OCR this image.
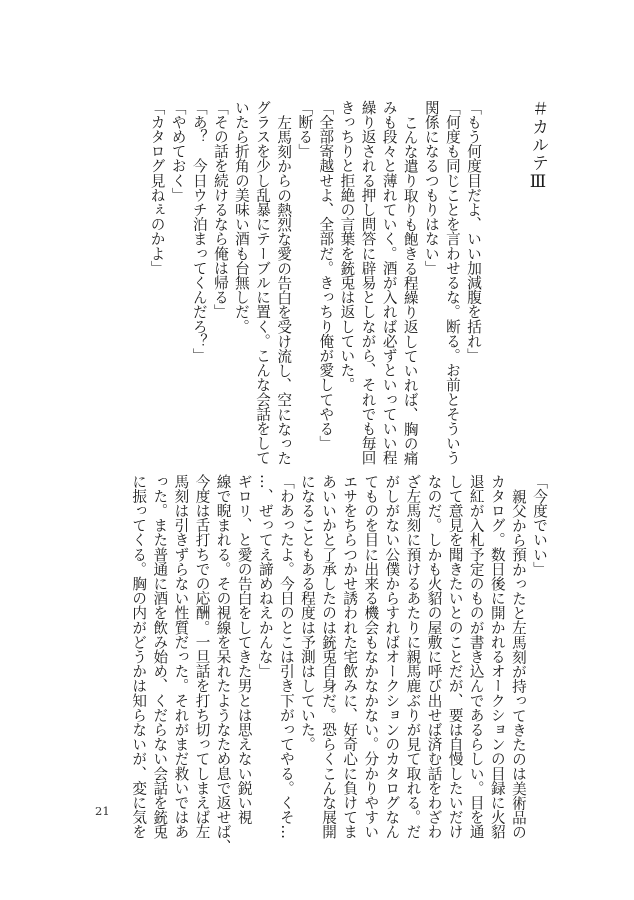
＃カルテⅢ
「もう何度目だよ、いい加減腹を括れ」
「何度も同じことを言わせるな。断る。お前とそういう
関係になるつもりはない」
こんな遣り取りも飽きる程繰り返していれば、胸の痛
みも段々と薄れていく。酒が入れば必ずといっていい程
繰り返される押し問答に辟易としながら、それでも毎回
きっちりと拒絶の言葉を銃兎は返していた。
「全部寄越せよ、全部だ。きっちり俺が愛してやる」
「断る」
左馬刻からの熱烈な愛の告白を受け流し、空になった
グラスを少し乱暴にテーブルに置く。こんな会話をして
いたら折角の美味い酒も台無しだ。
「その話を続けるなら俺は帰る」
「あ？　今日ウチ泊まってくんだろ？」
「やめておく」
「カタログ見ねぇのかよ」
「今度でいい」
親父から預かったと左馬刻が持ってきたのは美術品の
カタログ。数日後に開かれるオークションの目録に火貂
退紅が入札予定のものが書き込んであるらしい。目を通
して意見を聞きたいとのことだが、要は自慢したいだけ
なのだ。しかも火貂の屋敷に呼び出せば済む話をわざわ
ざ左馬刻に預けるあたりに親馬鹿ぶりが見て取れる。だ
がしがない公僕からすればオークションのカタログなん
てものを目に出来る機会もなかなかない。分かりやすい
エサをちらつかせ誘われた宅飲みに、好奇心に負けてま
あいいかと了承したのは銃兎自身だ。恐らくこんな展開
になることもある程度は予測はしていた。
「わあったよ。今日のとこは引き下がってやる。くそ…
…、ぜってえ諦めねえかんな」
ギロリ、と愛の告白をしてきた男とは思えない鋭い視
線で睨まれる。その視線を呆れたようなため息で返せば、
今度は舌打ちでの応酬。一旦話を打ち切ってしまえば左
馬刻は引きずらない性質だった。それがまだ救いではあ
った。また普通に酒を飲み始め、くだらない会話を銃兎
に振ってくる。胸の内がどうかは知らないが、変に気を
21
